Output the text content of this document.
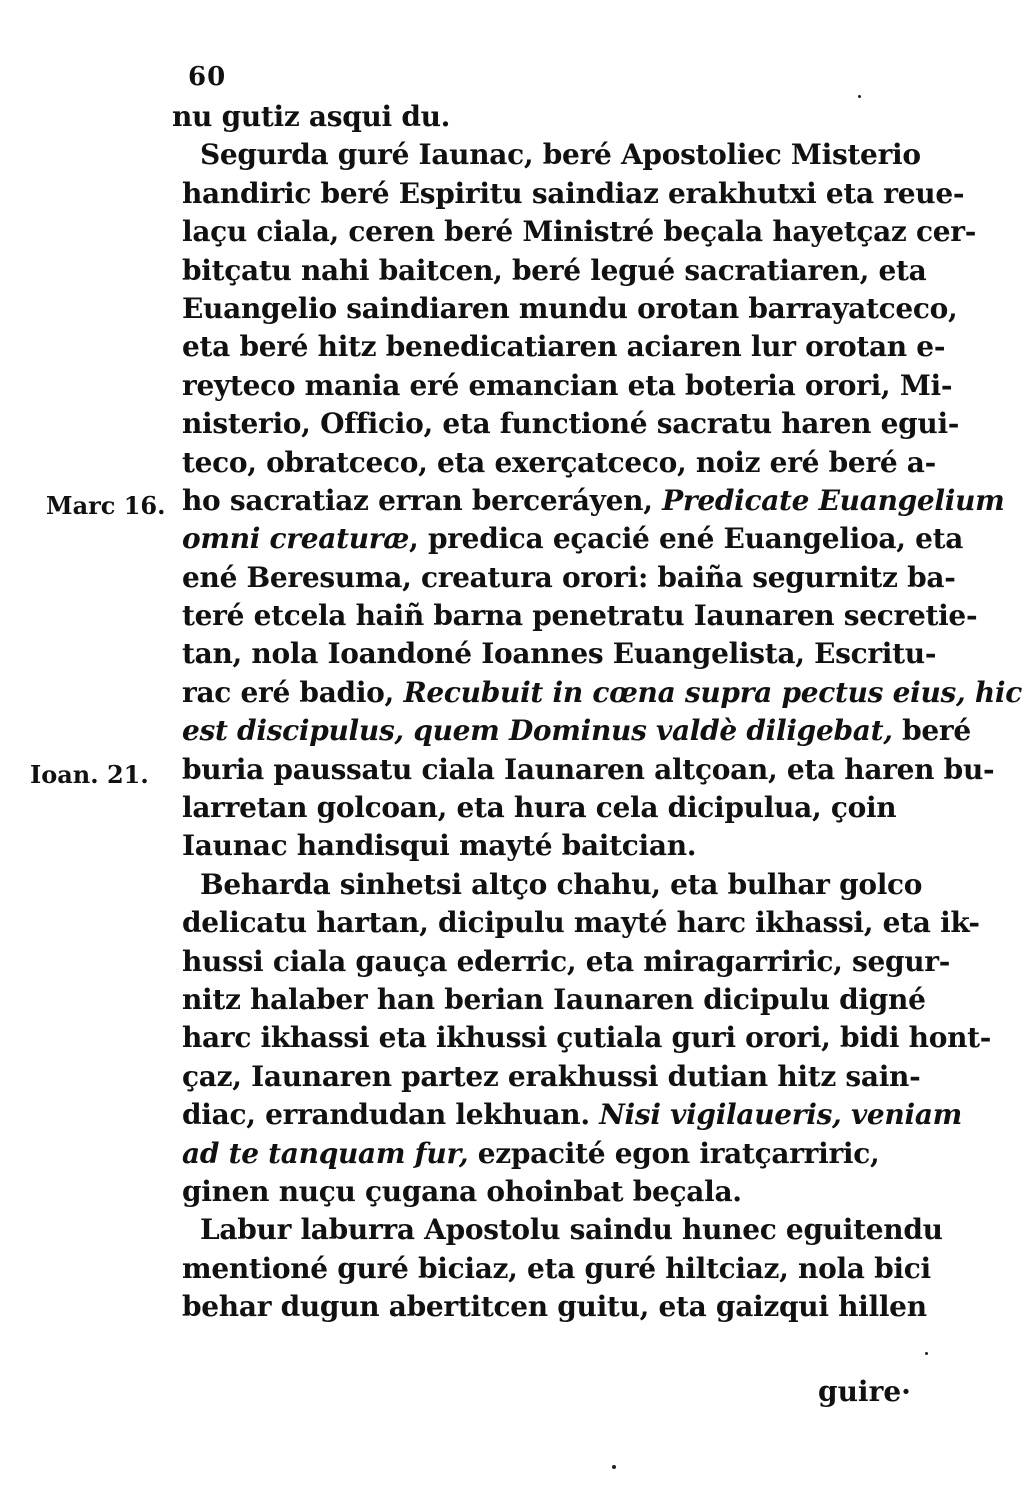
60
Marc 16.
Ioan. 21.
nu gutiz asqui du.
Segurda guré Iaunac, beré Apostoliec Misterio
handiric beré Espiritu saindiaz erakhutxi eta reue-
laçu ciala, ceren beré Ministré beçala hayetçaz cer-
bitçatu nahi baitcen, beré legué sacratiaren, eta
Euangelio saindiaren mundu orotan barrayatceco,
eta beré hitz benedicatiaren aciaren lur orotan e-
reyteco mania eré emancian eta boteria orori, Mi-
nisterio, Officio, eta functioné sacratu haren egui-
teco, obratceco, eta exerçatceco, noiz eré beré a-
ho sacratiaz erran berceráyen, Predicate Euangelium
omni creaturæ, predica eçacié ené Euangelioa, eta
ené Beresuma, creatura orori: baiña segurnitz ba-
teré etcela haiñ barna penetratu Iaunaren secretie-
tan, nola Ioandoné Ioannes Euangelista, Escritu-
rac eré badio, Recubuit in cœna supra pectus eius, hic
est discipulus, quem Dominus valdè diligebat, beré
buria paussatu ciala Iaunaren altçoan, eta haren bu-
larretan golcoan, eta hura cela dicipulua, çoin
Iaunac handisqui mayté baitcian.
Beharda sinhetsi altço chahu, eta bulhar golco
delicatu hartan, dicipulu mayté harc ikhassi, eta ik-
hussi ciala gauça ederric, eta miragarriric, segur-
nitz halaber han berian Iaunaren dicipulu digné
harc ikhassi eta ikhussi çutiala guri orori, bidi hont-
çaz, Iaunaren partez erakhussi dutian hitz sain-
diac, errandudan lekhuan. Nisi vigilaueris, veniam
ad te tanquam fur, ezpacité egon iratçarriric,
ginen nuçu çugana ohoinbat beçala.
Labur laburra Apostolu saindu hunec eguitendu
mentioné guré biciaz, eta guré hiltciaz, nola bici
behar dugun abertitcen guitu, eta gaizqui hillen
guire·
